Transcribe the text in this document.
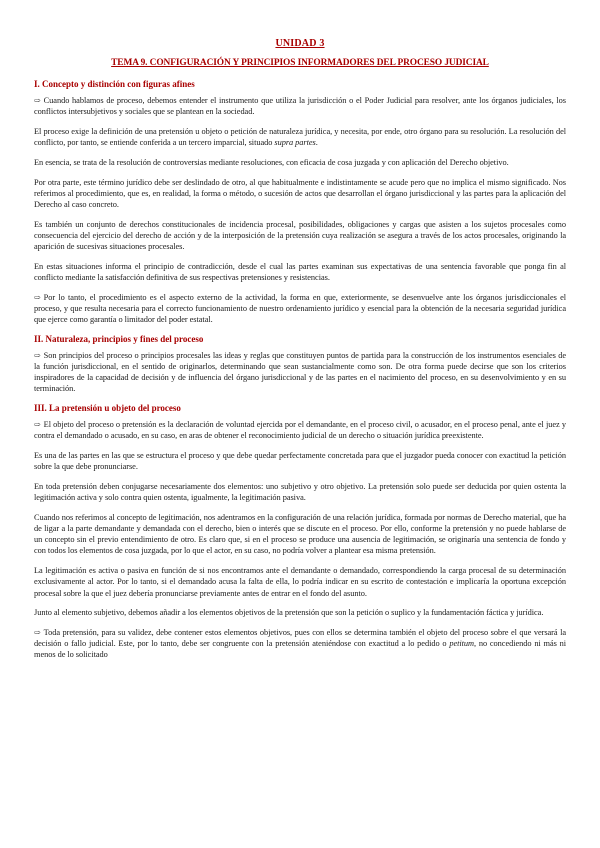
UNIDAD 3
TEMA 9. CONFIGURACIÓN Y PRINCIPIOS INFORMADORES DEL PROCESO JUDICIAL
I. Concepto y distinción con figuras afines

⇨ Cuando hablamos de proceso, debemos entender el instrumento que utiliza la jurisdicción o el Poder Judicial para resolver, ante los órganos judiciales, los conflictos intersubjetivos y sociales que se plantean en la sociedad.

El proceso exige la definición de una pretensión u objeto o petición de naturaleza jurídica, y necesita, por ende, otro órgano para su resolución. La resolución del conflicto, por tanto, se entiende conferida a un tercero imparcial, situado supra partes.

En esencia, se trata de la resolución de controversias mediante resoluciones, con eficacia de cosa juzgada y con aplicación del Derecho objetivo.

Por otra parte, este término jurídico debe ser deslindado de otro, al que habitualmente e indistintamente se acude pero que no implica el mismo significado. Nos referimos al procedimiento, que es, en realidad, la forma o método, o sucesión de actos que desarrollan el órgano jurisdiccional y las partes para la aplicación del Derecho al caso concreto.

Es también un conjunto de derechos constitucionales de incidencia procesal, posibilidades, obligaciones y cargas que asisten a los sujetos procesales como consecuencia del ejercicio del derecho de acción y de la interposición de la pretensión cuya realización se asegura a través de los actos procesales, originando la aparición de sucesivas situaciones procesales.

En estas situaciones informa el principio de contradicción, desde el cual las partes examinan sus expectativas de una sentencia favorable que ponga fin al conflicto mediante la satisfacción definitiva de sus respectivas pretensiones y resistencias.

⇨ Por lo tanto, el procedimiento es el aspecto externo de la actividad, la forma en que, exteriormente, se desenvuelve ante los órganos jurisdiccionales el proceso, y que resulta necesaria para el correcto funcionamiento de nuestro ordenamiento jurídico y esencial para la obtención de la necesaria seguridad jurídica que ejerce como garantía o limitador del poder estatal.

II. Naturaleza, principios y fines del proceso

⇨ Son principios del proceso o principios procesales las ideas y reglas que constituyen puntos de partida para la construcción de los instrumentos esenciales de la función jurisdiccional, en el sentido de originarlos, determinando que sean sustancialmente como son. De otra forma puede decirse que son los criterios inspiradores de la capacidad de decisión y de influencia del órgano jurisdiccional y de las partes en el nacimiento del proceso, en su desenvolvimiento y en su terminación.

III. La pretensión u objeto del proceso

⇨ El objeto del proceso o pretensión es la declaración de voluntad ejercida por el demandante, en el proceso civil, o acusador, en el proceso penal, ante el juez y contra el demandado o acusado, en su caso, en aras de obtener el reconocimiento judicial de un derecho o situación jurídica preexistente.

Es una de las partes en las que se estructura el proceso y que debe quedar perfectamente concretada para que el juzgador pueda conocer con exactitud la petición sobre la que debe pronunciarse.

En toda pretensión deben conjugarse necesariamente dos elementos: uno subjetivo y otro objetivo. La pretensión solo puede ser deducida por quien ostenta la legitimación activa y solo contra quien ostenta, igualmente, la legitimación pasiva.

Cuando nos referimos al concepto de legitimación, nos adentramos en la configuración de una relación jurídica, formada por normas de Derecho material, que ha de ligar a la parte demandante y demandada con el derecho, bien o interés que se discute en el proceso. Por ello, conforme la pretensión y no puede hablarse de un concepto sin el previo entendimiento de otro. Es claro que, si en el proceso se produce una ausencia de legitimación, se originaría una sentencia de fondo y con todos los elementos de cosa juzgada, por lo que el actor, en su caso, no podría volver a plantear esa misma pretensión.

La legitimación es activa o pasiva en función de si nos encontramos ante el demandante o demandado, correspondiendo la carga procesal de su determinación exclusivamente al actor. Por lo tanto, si el demandado acusa la falta de ella, lo podría indicar en su escrito de contestación e implicaría la oportuna excepción procesal sobre la que el juez debería pronunciarse previamente antes de entrar en el fondo del asunto.

Junto al elemento subjetivo, debemos añadir a los elementos objetivos de la pretensión que son la petición o suplico y la fundamentación fáctica y jurídica.

⇨ Toda pretensión, para su validez, debe contener estos elementos objetivos, pues con ellos se determina también el objeto del proceso sobre el que versará la decisión o fallo judicial. Este, por lo tanto, debe ser congruente con la pretensión ateniéndose con exactitud a lo pedido o petitum, no concediendo ni más ni menos de lo solicitado
